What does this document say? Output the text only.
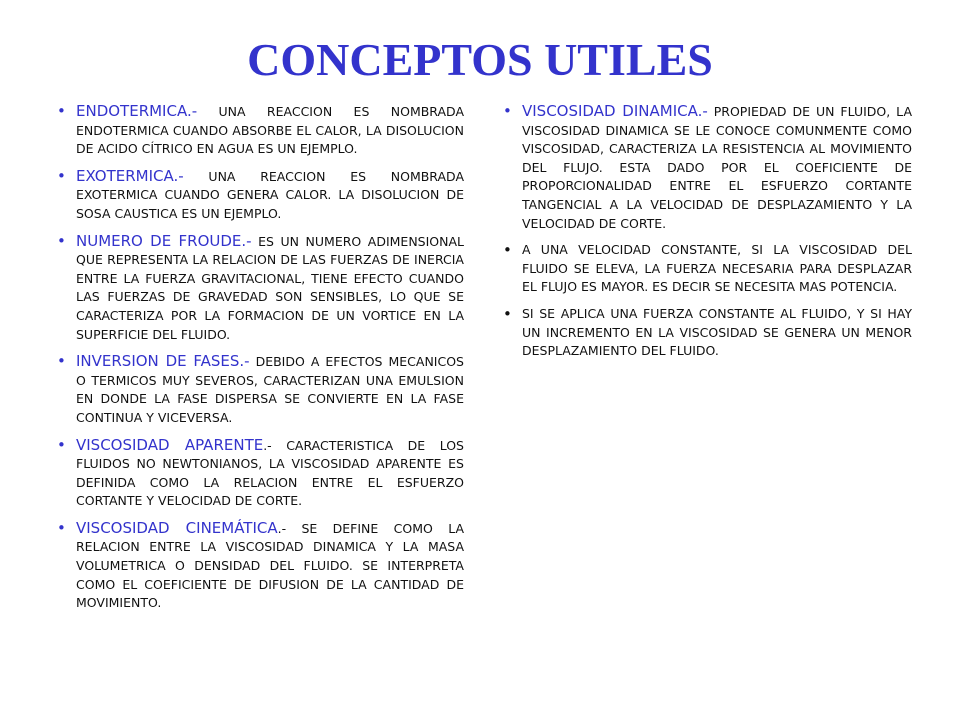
CONCEPTOS UTILES
• ENDOTERMICA.- UNA REACCION ES NOMBRADA ENDOTERMICA CUANDO ABSORBE EL CALOR, LA DISOLUCION DE ACIDO CÍTRICO EN AGUA ES UN EJEMPLO.
• EXOTERMICA.- UNA REACCION ES NOMBRADA EXOTERMICA CUANDO GENERA CALOR. LA DISOLUCION DE SOSA CAUSTICA ES UN EJEMPLO.
• NUMERO DE FROUDE.- ES UN NUMERO ADIMENSIONAL QUE REPRESENTA LA RELACION DE LAS FUERZAS DE INERCIA ENTRE LA FUERZA GRAVITACIONAL, TIENE EFECTO CUANDO LAS FUERZAS DE GRAVEDAD SON SENSIBLES, LO QUE SE CARACTERIZA POR LA FORMACION DE UN VORTICE EN LA SUPERFICIE DEL FLUIDO.
• INVERSION DE FASES.- DEBIDO A EFECTOS MECANICOS O TERMICOS MUY SEVEROS, CARACTERIZAN UNA EMULSION EN DONDE LA FASE DISPERSA SE CONVIERTE EN LA FASE CONTINUA Y VICEVERSA.
• VISCOSIDAD APARENTE.- CARACTERISTICA DE LOS FLUIDOS NO NEWTONIANOS, LA VISCOSIDAD APARENTE ES DEFINIDA COMO LA RELACION ENTRE EL ESFUERZO CORTANTE Y VELOCIDAD DE CORTE.
• VISCOSIDAD CINEMÁTICA.- SE DEFINE COMO LA RELACION ENTRE LA VISCOSIDAD DINAMICA Y LA MASA VOLUMETRICA O DENSIDAD DEL FLUIDO. SE INTERPRETA COMO EL COEFICIENTE DE DIFUSION DE LA CANTIDAD DE MOVIMIENTO.
• VISCOSIDAD DINAMICA.- PROPIEDAD DE UN FLUIDO, LA VISCOSIDAD DINAMICA SE LE CONOCE COMUNMENTE COMO VISCOSIDAD, CARACTERIZA LA RESISTENCIA AL MOVIMIENTO DEL FLUJO. ESTA DADO POR EL COEFICIENTE DE PROPORCIONALIDAD ENTRE EL ESFUERZO CORTANTE TANGENCIAL A LA VELOCIDAD DE DESPLAZAMIENTO Y LA VELOCIDAD DE CORTE.
• A UNA VELOCIDAD CONSTANTE, SI LA VISCOSIDAD DEL FLUIDO SE ELEVA, LA FUERZA NECESARIA PARA DESPLAZAR EL FLUJO ES MAYOR. ES DECIR SE NECESITA MAS POTENCIA.
• SI SE APLICA UNA FUERZA CONSTANTE AL FLUIDO, Y SI HAY UN INCREMENTO EN LA VISCOSIDAD SE GENERA UN MENOR DESPLAZAMIENTO DEL FLUIDO.
